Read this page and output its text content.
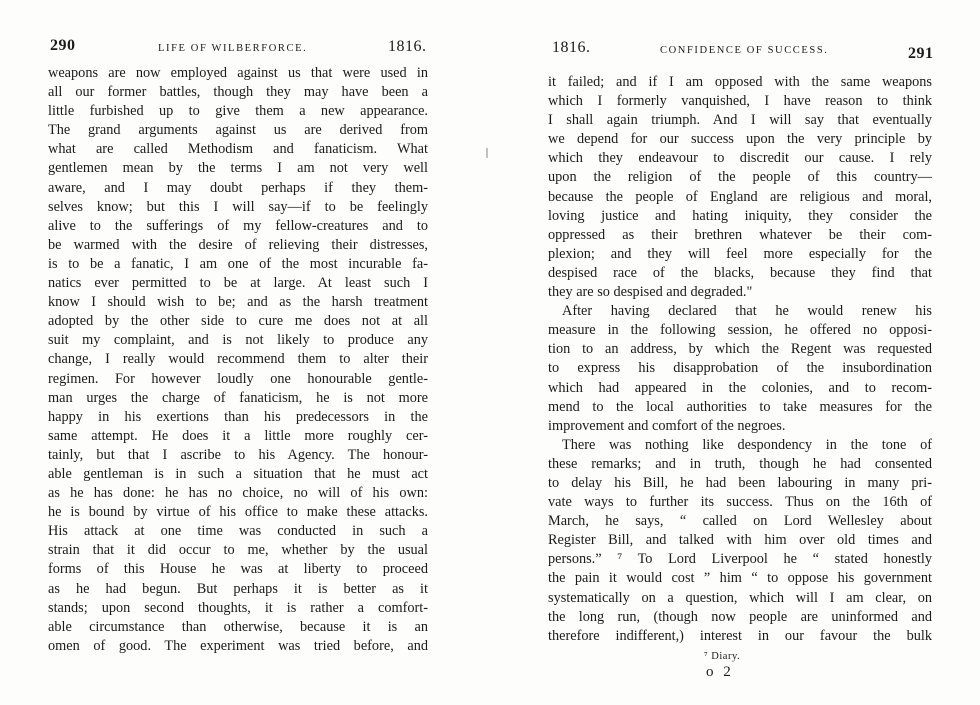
290	LIFE OF WILBERFORCE.	1816.
weapons are now employed against us that were used in
all our former battles, though they may have been a
little furbished up to give them a new appearance.
The grand arguments against us are derived from
what are called Methodism and fanaticism. What
gentlemen mean by the terms I am not very well
aware, and I may doubt perhaps if they them-
selves know; but this I will say—if to be feelingly
alive to the sufferings of my fellow-creatures and to
be warmed with the desire of relieving their distresses,
is to be a fanatic, I am one of the most incurable fa-
natics ever permitted to be at large. At least such I
know I should wish to be; and as the harsh treatment
adopted by the other side to cure me does not at all
suit my complaint, and is not likely to produce any
change, I really would recommend them to alter their
regimen. For however loudly one honourable gentle-
man urges the charge of fanaticism, he is not more
happy in his exertions than his predecessors in the
same attempt. He does it a little more roughly cer-
tainly, but that I ascribe to his Agency. The honour-
able gentleman is in such a situation that he must act
as he has done: he has no choice, no will of his own:
he is bound by virtue of his office to make these attacks.
His attack at one time was conducted in such a
strain that it did occur to me, whether by the usual
forms of this House he was at liberty to proceed
as he had begun. But perhaps it is better as it
stands; upon second thoughts, it is rather a comfort-
able circumstance than otherwise, because it is an
omen of good. The experiment was tried before, and
1816.	CONFIDENCE OF SUCCESS.	291
it failed; and if I am opposed with the same weapons
which I formerly vanquished, I have reason to think
I shall again triumph. And I will say that eventually
we depend for our success upon the very principle by
which they endeavour to discredit our cause. I rely
upon the religion of the people of this country—
because the people of England are religious and moral,
loving justice and hating iniquity, they consider the
oppressed as their brethren whatever be their com-
plexion; and they will feel more especially for the
despised race of the blacks, because they find that
they are so despised and degraded."
After having declared that he would renew his
measure in the following session, he offered no opposi-
tion to an address, by which the Regent was requested
to express his disapprobation of the insubordination
which had appeared in the colonies, and to recom-
mend to the local authorities to take measures for the
improvement and comfort of the negroes.
There was nothing like despondency in the tone of
these remarks; and in truth, though he had consented
to delay his Bill, he had been labouring in many pri-
vate ways to further its success. Thus on the 16th of
March, he says, “ called on Lord Wellesley about
Register Bill, and talked with him over old times and
persons.” ⁷ To Lord Liverpool he “ stated honestly
the pain it would cost ” him “ to oppose his government
systematically on a question, which will I am clear, on
the long run, (though now people are uninformed and
therefore indifferent,) interest in our favour the bulk
⁷ Diary.
o 2
